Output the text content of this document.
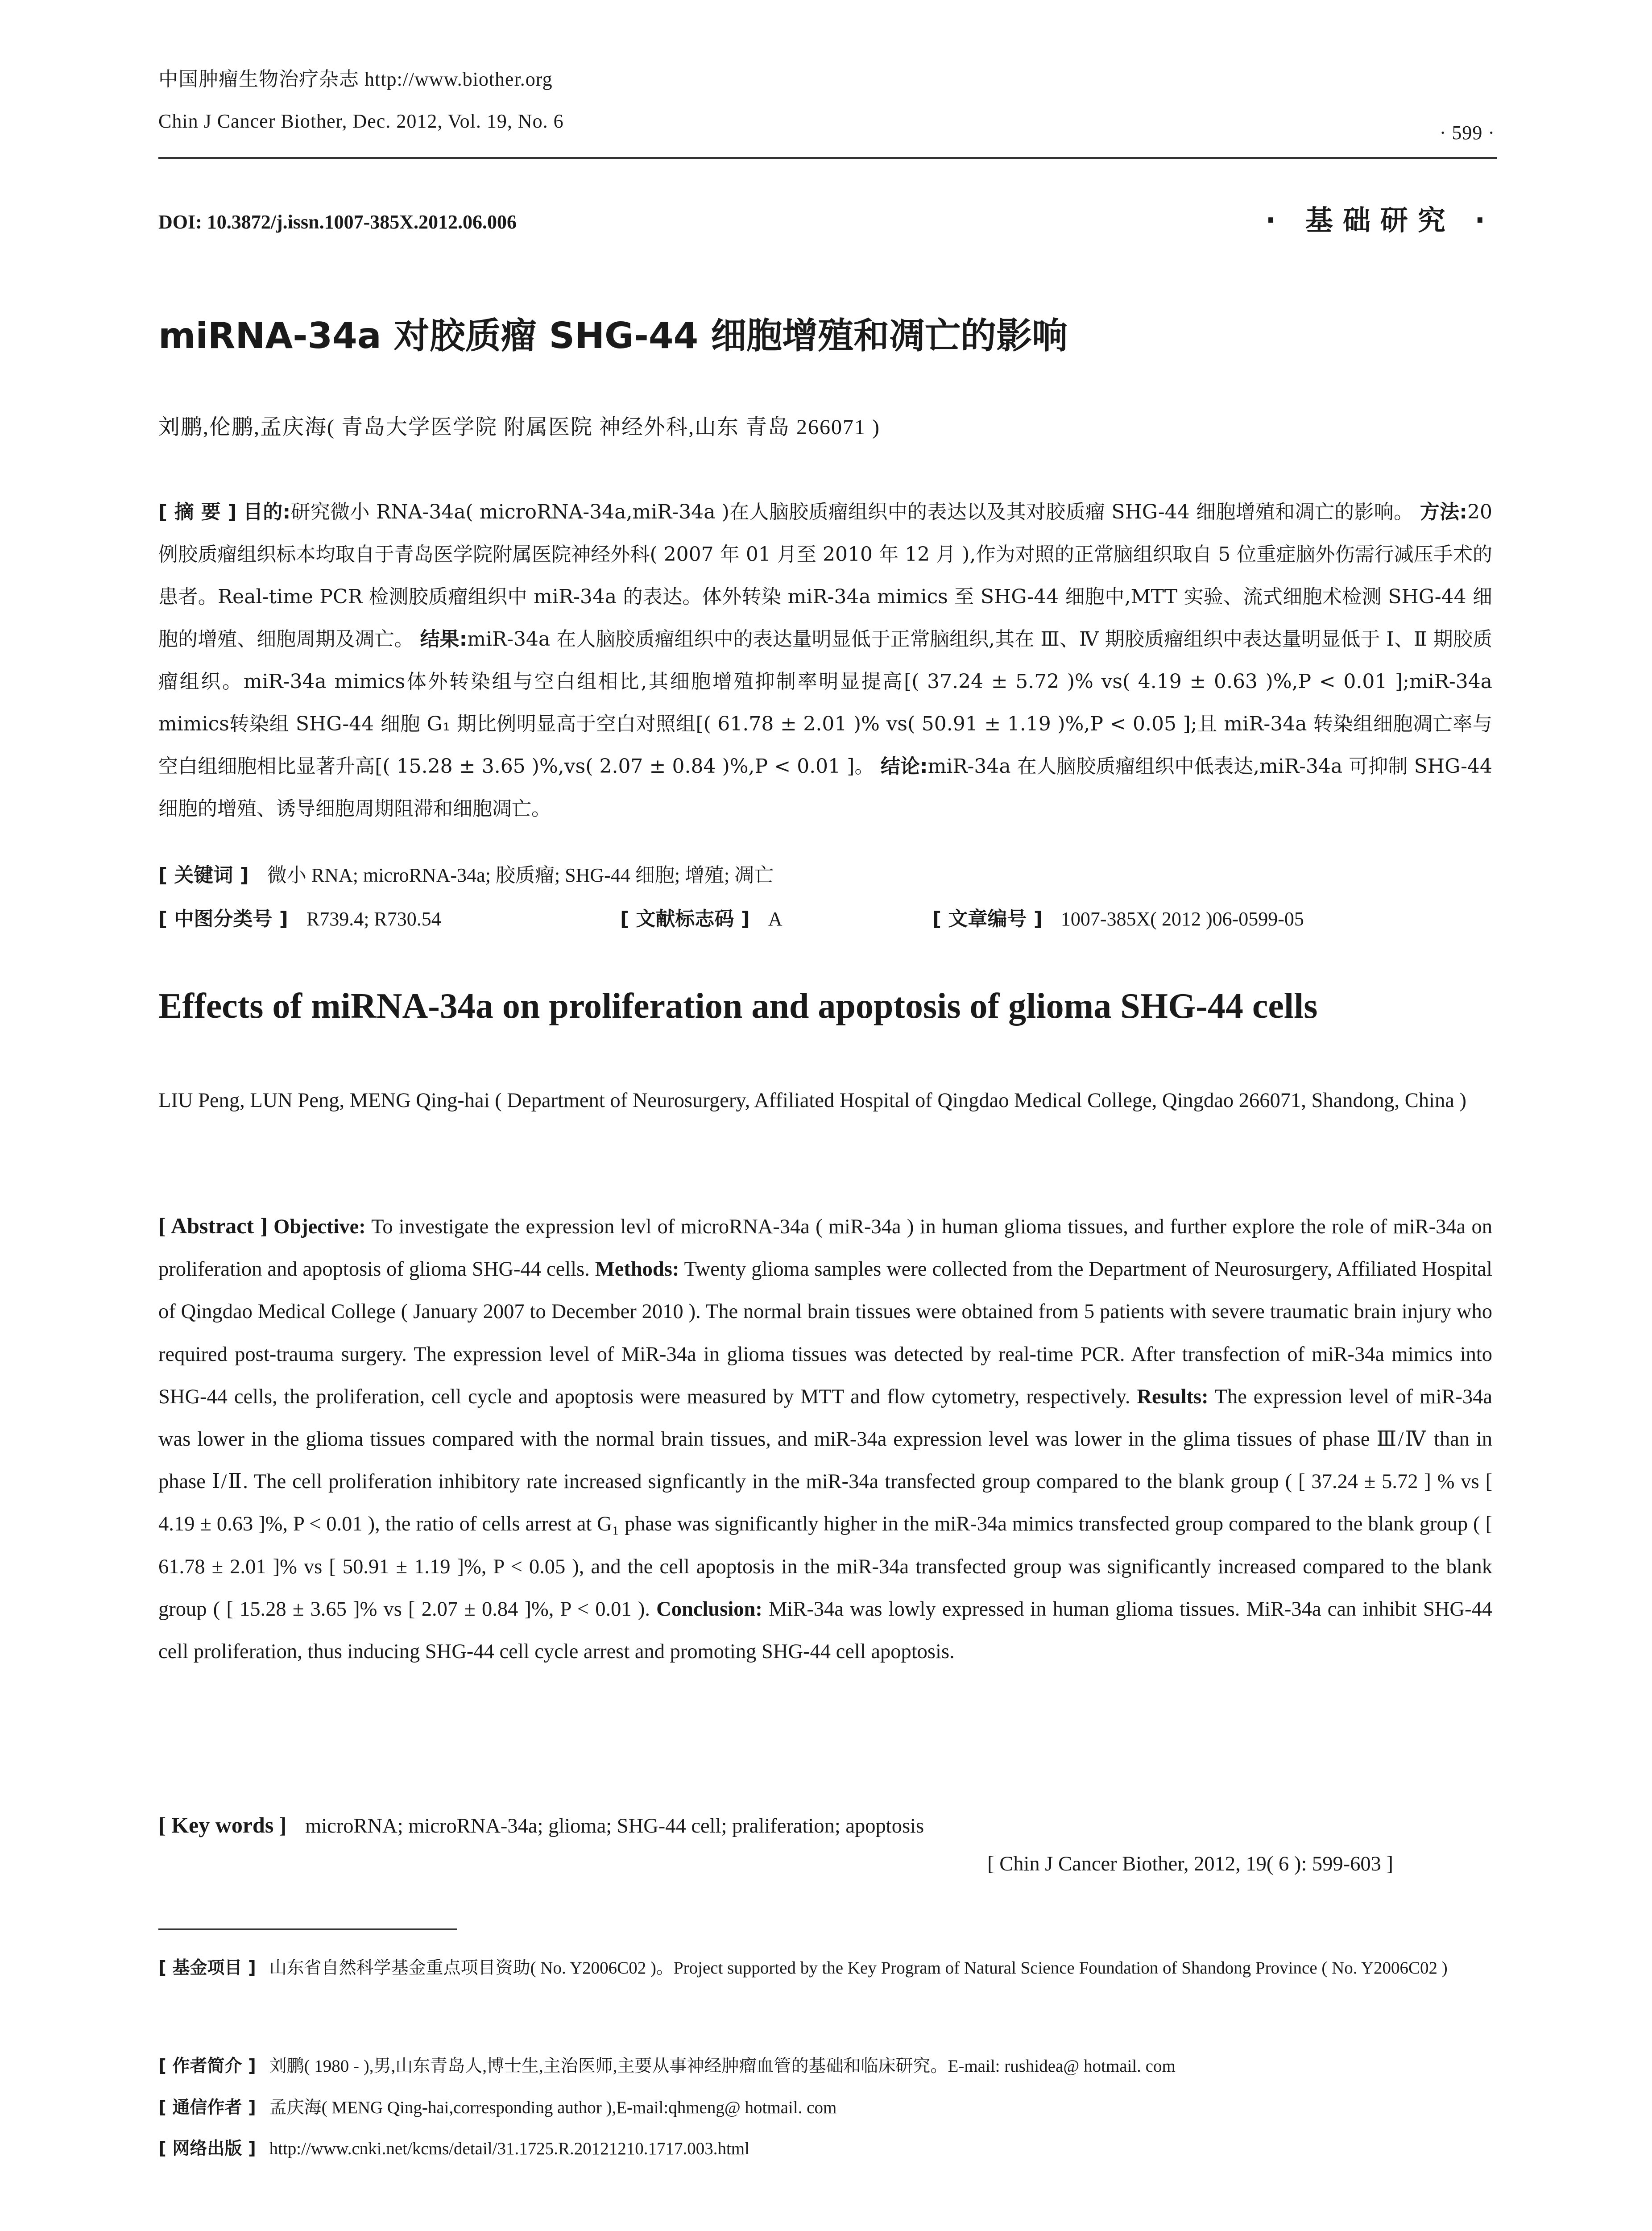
中国肿瘤生物治疗杂志 http://www.biother.org
Chin J Cancer Biother, Dec. 2012, Vol. 19, No. 6
· 599 ·
DOI: 10.3872/j.issn.1007-385X.2012.06.006	· 基础研究 ·
miRNA-34a 对胶质瘤 SHG-44 细胞增殖和凋亡的影响
刘鹏,伦鹏,孟庆海( 青岛大学医学院 附属医院 神经外科,山东 青岛 266071 )
[ 摘 要 ] 目的:研究微小 RNA-34a( microRNA-34a,miR-34a )在人脑胶质瘤组织中的表达以及其对胶质瘤 SHG-44 细胞增殖和凋亡的影响。 方法:20 例胶质瘤组织标本均取自于青岛医学院附属医院神经外科( 2007 年 01 月至 2010 年 12 月 ),作为对照的正常脑组织取自 5 位重症脑外伤需行减压手术的患者。Real-time PCR 检测胶质瘤组织中 miR-34a 的表达。体外转染 miR-34a mimics 至 SHG-44 细胞中,MTT 实验、流式细胞术检测 SHG-44 细胞的增殖、细胞周期及凋亡。 结果:miR-34a 在人脑胶质瘤组织中的表达量明显低于正常脑组织,其在 Ⅲ、Ⅳ 期胶质瘤组织中表达量明显低于 Ⅰ、Ⅱ 期胶质瘤组织。miR-34a mimics体外转染组与空白组相比,其细胞增殖抑制率明显提高[( 37.24 ± 5.72 )% vs( 4.19 ± 0.63 )%,P < 0.01 ];miR-34a mimics转染组 SHG-44 细胞 G₁ 期比例明显高于空白对照组[( 61.78 ± 2.01 )% vs( 50.91 ± 1.19 )%,P < 0.05 ];且 miR-34a 转染组细胞凋亡率与空白组细胞相比显著升高[( 15.28 ± 3.65 )%,vs( 2.07 ± 0.84 )%,P < 0.01 ]。 结论:miR-34a 在人脑胶质瘤组织中低表达,miR-34a 可抑制 SHG-44 细胞的增殖、诱导细胞周期阻滞和细胞凋亡。
[ 关键词 ] 微小 RNA; microRNA-34a; 胶质瘤; SHG-44 细胞; 增殖; 凋亡
[ 中图分类号 ] R739.4; R730.54	[ 文献标志码 ] A	[ 文章编号 ] 1007-385X( 2012 )06-0599-05
Effects of miRNA-34a on proliferation and apoptosis of glioma SHG-44 cells
LIU Peng, LUN Peng, MENG Qing-hai ( Department of Neurosurgery, Affiliated Hospital of Qingdao Medical College, Qingdao 266071, Shandong, China )
[ Abstract ] Objective: To investigate the expression levl of microRNA-34a ( miR-34a ) in human glioma tissues, and further explore the role of miR-34a on proliferation and apoptosis of glioma SHG-44 cells. Methods: Twenty glioma samples were collected from the Department of Neurosurgery, Affiliated Hospital of Qingdao Medical College ( January 2007 to December 2010 ). The normal brain tissues were obtained from 5 patients with severe traumatic brain injury who required post-trauma surgery. The expression level of MiR-34a in glioma tissues was detected by real-time PCR. After transfection of miR-34a mimics into SHG-44 cells, the proliferation, cell cycle and apoptosis were measured by MTT and flow cytometry, respectively. Results: The expression level of miR-34a was lower in the glioma tissues compared with the normal brain tissues, and miR-34a expression level was lower in the glima tissues of phase Ⅲ/Ⅳ than in phase Ⅰ/Ⅱ. The cell proliferation inhibitory rate increased signficantly in the miR-34a transfected group compared to the blank group ( [ 37.24 ± 5.72 ] % vs [ 4.19 ± 0.63 ]%, P < 0.01 ), the ratio of cells arrest at G₁ phase was significantly higher in the miR-34a mimics transfected group compared to the blank group ( [ 61.78 ± 2.01 ]% vs [ 50.91 ± 1.19 ]%, P < 0.05 ), and the cell apoptosis in the miR-34a transfected group was significantly increased compared to the blank group ( [ 15.28 ± 3.65 ]% vs [ 2.07 ± 0.84 ]%, P < 0.01 ). Conclusion: MiR-34a was lowly expressed in human glioma tissues. MiR-34a can inhibit SHG-44 cell proliferation, thus inducing SHG-44 cell cycle arrest and promoting SHG-44 cell apoptosis.
[ Key words ] microRNA; microRNA-34a; glioma; SHG-44 cell; praliferation; apoptosis
[ Chin J Cancer Biother, 2012, 19( 6 ): 599-603 ]
[ 基金项目 ] 山东省自然科学基金重点项目资助( No. Y2006C02 )。Project supported by the Key Program of Natural Science Foundation of Shandong Province ( No. Y2006C02 )
[ 作者简介 ] 刘鹏( 1980 - ),男,山东青岛人,博士生,主治医师,主要从事神经肿瘤血管的基础和临床研究。E-mail: rushidea@ hotmail. com
[ 通信作者 ] 孟庆海( MENG Qing-hai,corresponding author ),E-mail:qhmeng@ hotmail. com
[ 网络出版 ] http://www.cnki.net/kcms/detail/31.1725.R.20121210.1717.003.html
